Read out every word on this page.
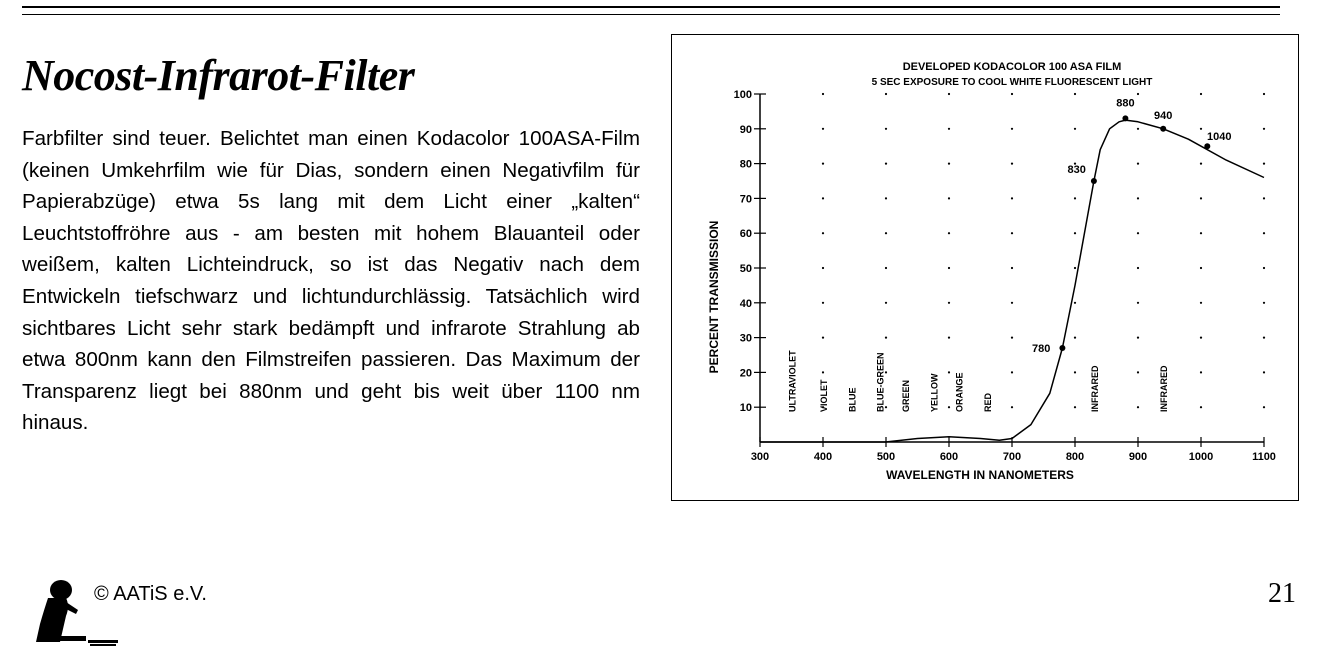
Nocost-Infrarot-Filter

Farbfilter sind teuer. Belichtet man einen Kodacolor 100ASA-Film (keinen Umkehrfilm wie für Dias, sondern einen Negativfilm für Papierabzüge) etwa 5s lang mit dem Licht einer „kalten“ Leuchtstoffröhre aus - am besten mit hohem Blauanteil oder weißem, kalten Lichteindruck, so ist das Negativ nach dem Entwickeln tiefschwarz und lichtundurchlässig. Tatsächlich wird sichtbares Licht sehr stark bedämpft und infrarote Strahlung ab etwa 800nm kann den Filmstreifen passieren. Das Maximum der Transparenz liegt bei 880nm und geht bis weit über 1100 nm hinaus.

DEVELOPED KODACOLOR 100 ASA FILM
5 SEC EXPOSURE TO COOL WHITE FLUORESCENT LIGHT
WAVELENGTH IN NANOMETERS
PERCENT TRANSMISSION
10
20
30
40
50
60
70
80
90
100
300	400	500	600	700	800	900	1000	1100
ULTRAVIOLET VIOLET BLUE BLUE-GREEN GREEN YELLOW ORANGE RED	INFRARED	INFRARED
780
830
880
940
1040
© AATiS e.V.	21
